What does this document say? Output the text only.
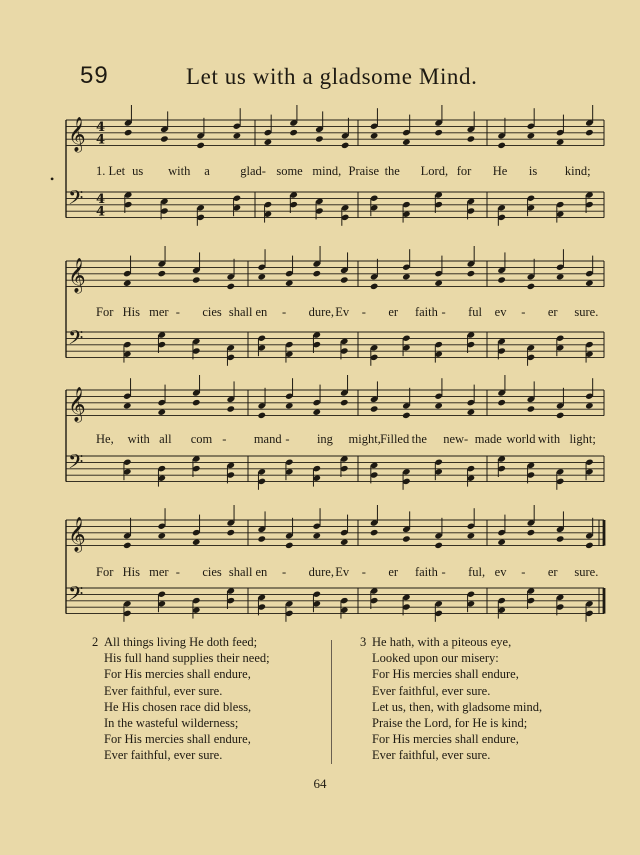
59	Let us with a gladsome Mind.
•
𝄞
𝄢
𝄞
𝄢
𝄞
𝄢
𝄞
𝄢
4
4
4
4
1. Let us with a glad- some mind, Praise the Lord, for He is kind;
For His mer - cies shall en - dure, Ev - er faith - ful ev - er sure.
He, with all com - mand - ing might, Filled the new- made world with light;
For His mer - cies shall en - dure, Ev - er faith - ful, ev - er sure.
2 All things living He doth feed;
His full hand supplies their need;
For His mercies shall endure,
Ever faithful, ever sure.
He His chosen race did bless,
In the wasteful wilderness;
For His mercies shall endure,
Ever faithful, ever sure.
3 He hath, with a piteous eye,
Looked upon our misery:
For His mercies shall endure,
Ever faithful, ever sure.
Let us, then, with gladsome mind,
Praise the Lord, for He is kind;
For His mercies shall endure,
Ever faithful, ever sure.
64
